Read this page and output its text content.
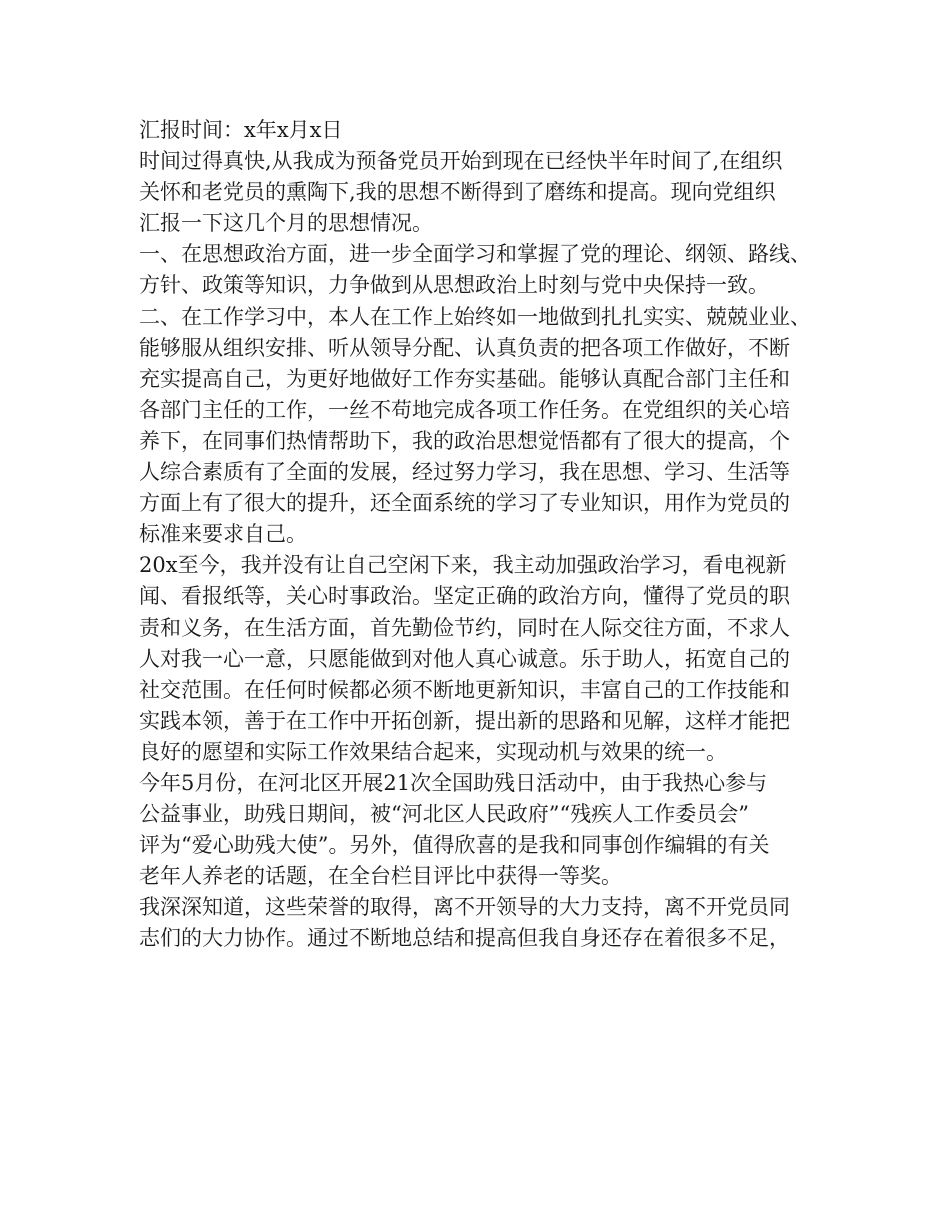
汇报时间：x年x月x日
时间过得真快,从我成为预备党员开始到现在已经快半年时间了,在组织
关怀和老党员的熏陶下,我的思想不断得到了磨练和提高。现向党组织
汇报一下这几个月的思想情况。
一、在思想政治方面，进一步全面学习和掌握了党的理论、纲领、路线、
方针、政策等知识，力争做到从思想政治上时刻与党中央保持一致。
二、在工作学习中，本人在工作上始终如一地做到扎扎实实、兢兢业业、
能够服从组织安排、听从领导分配、认真负责的把各项工作做好，不断
充实提高自己，为更好地做好工作夯实基础。能够认真配合部门主任和
各部门主任的工作，一丝不苟地完成各项工作任务。在党组织的关心培
养下，在同事们热情帮助下，我的政治思想觉悟都有了很大的提高，个
人综合素质有了全面的发展，经过努力学习，我在思想、学习、生活等
方面上有了很大的提升，还全面系统的学习了专业知识，用作为党员的
标准来要求自己。
20x至今，我并没有让自己空闲下来，我主动加强政治学习，看电视新
闻、看报纸等，关心时事政治。坚定正确的政治方向，懂得了党员的职
责和义务，在生活方面，首先勤俭节约，同时在人际交往方面，不求人
人对我一心一意，只愿能做到对他人真心诚意。乐于助人，拓宽自己的
社交范围。在任何时候都必须不断地更新知识，丰富自己的工作技能和
实践本领，善于在工作中开拓创新，提出新的思路和见解，这样才能把
良好的愿望和实际工作效果结合起来，实现动机与效果的统一。
今年5月份，在河北区开展21次全国助残日活动中，由于我热心参与
公益事业，助残日期间，被“河北区人民政府”“残疾人工作委员会”
评为“爱心助残大使”。另外，值得欣喜的是我和同事创作编辑的有关
老年人养老的话题，在全台栏目评比中获得一等奖。
我深深知道，这些荣誉的取得，离不开领导的大力支持，离不开党员同
志们的大力协作。通过不断地总结和提高但我自身还存在着很多不足，
